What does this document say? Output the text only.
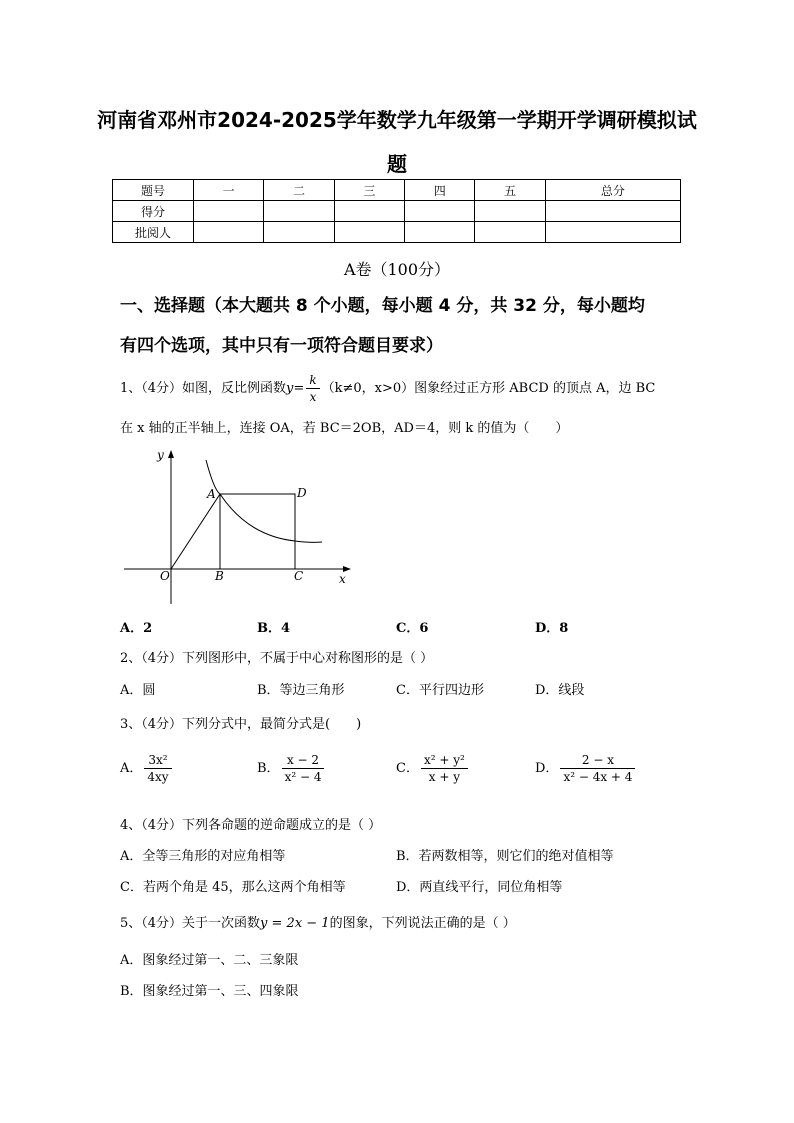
河南省邓州市2024-2025学年数学九年级第一学期开学调研模拟试
题
题号	一	二	三	四	五	总分
得分						
批阅人						
A卷（100分）
一、选择题（本大题共 8 个小题，每小题 4 分，共 32 分，每小题均
有四个选项，其中只有一项符合题目要求）
1、（4分）如图，反比例函数$y= \frac{k}{x} (k\ne 0$，x>0）图象经过正方形 ABCD 的顶点 A，边 BC
在 x 轴的正半轴上，连接 OA，若 BC＝2OB，AD＝4，则 k 的值为（　　）
y
x
O
A
B	C
D
A．2	B．4	C．6	D．8
2、（4分）下列图形中，不属于中心对称图形的是（ ）
A．圆	B．等边三角形	C．平行四边形	D．线段
3、（4分）下列分式中，最简分式是(　　)
A． $\frac{\text{3x²}}{4xy}$	B． $\frac{x - 2}{\text{x² − 4}}$	C． $\frac{\text{x² + y²}}{x + y}$	D． $\frac{2 - x}{\text{x² − 4x + 4}}$
4、（4分）下列各命题的逆命题成立的是（ ）
A．全等三角形的对应角相等	B．若两数相等，则它们的绝对值相等
C．若两个角是 45，那么这两个角相等	D．两直线平行，同位角相等
5、（4分）关于一次函数y = 2x − 1的图象，下列说法正确的是（ ）
A．图象经过第一、二、三象限
B．图象经过第一、三、四象限
